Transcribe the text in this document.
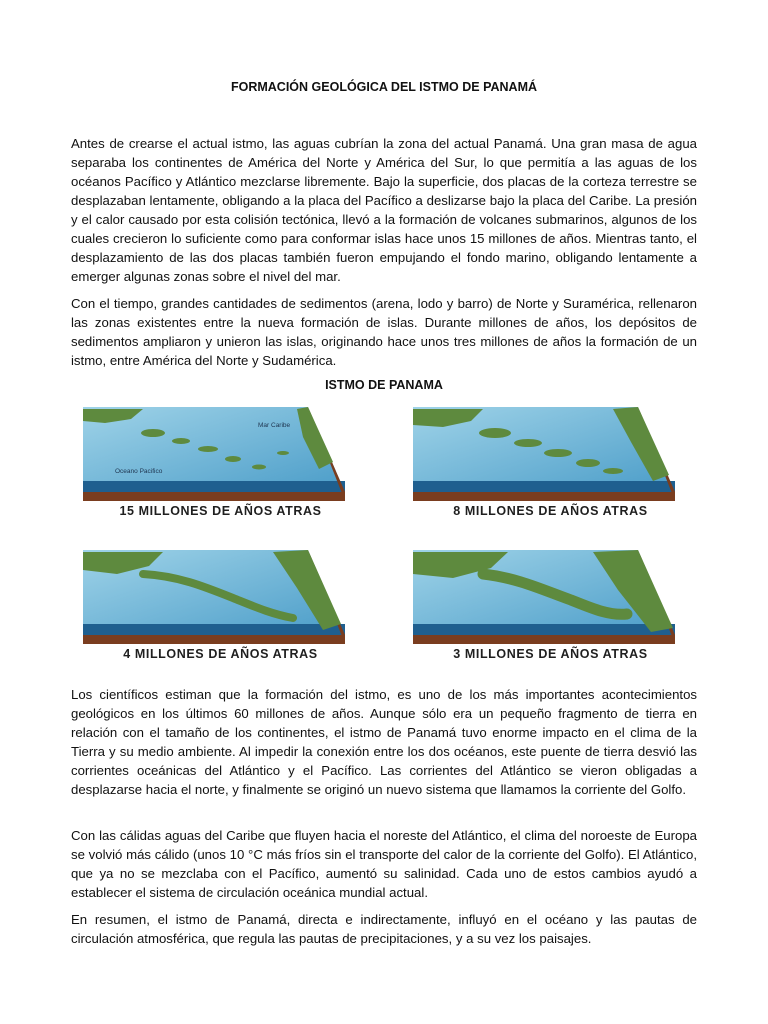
FORMACIÓN GEOLÓGICA DEL ISTMO DE PANAMÁ

Antes de crearse el actual istmo, las aguas cubrían la zona del actual Panamá. Una gran masa de agua separaba los continentes de América del Norte y América del Sur, lo que permitía a las aguas de los océanos Pacífico y Atlántico mezclarse libremente. Bajo la superficie, dos placas de la corteza terrestre se desplazaban lentamente, obligando a la placa del Pacífico a deslizarse bajo la placa del Caribe. La presión y el calor causado por esta colisión tectónica, llevó a la formación de volcanes submarinos, algunos de los cuales crecieron lo suficiente como para conformar islas hace unos 15 millones de años. Mientras tanto, el desplazamiento de las dos placas también fueron empujando el fondo marino, obligando lentamente a emerger algunas zonas sobre el nivel del mar.

Con el tiempo, grandes cantidades de sedimentos (arena, lodo y barro) de Norte y Suramérica, rellenaron las zonas existentes entre la nueva formación de islas. Durante millones de años, los depósitos de sedimentos ampliaron y unieron las islas, originando hace unos tres millones de años la formación de un istmo, entre América del Norte y Sudamérica.

ISTMO DE PANAMA
Mar Caribe
Oceano Pacifico
15 MILLONES DE AÑOS ATRAS	8 MILLONES DE AÑOS ATRAS
4 MILLONES DE AÑOS ATRAS	3 MILLONES DE AÑOS ATRAS

Los científicos estiman que la formación del istmo, es uno de los más importantes acontecimientos geológicos en los últimos 60 millones de años. Aunque sólo era un pequeño fragmento de tierra en relación con el tamaño de los continentes, el istmo de Panamá tuvo enorme impacto en el clima de la Tierra y su medio ambiente. Al impedir la conexión entre los dos océanos, este puente de tierra desvió las corrientes oceánicas del Atlántico y el Pacífico. Las corrientes del Atlántico se vieron obligadas a desplazarse hacia el norte, y finalmente se originó un nuevo sistema que llamamos la corriente del Golfo.

Con las cálidas aguas del Caribe que fluyen hacia el noreste del Atlántico, el clima del noroeste de Europa se volvió más cálido (unos 10 °C más fríos sin el transporte del calor de la corriente del Golfo). El Atlántico, que ya no se mezclaba con el Pacífico, aumentó su salinidad. Cada uno de estos cambios ayudó a establecer el sistema de circulación oceánica mundial actual.

En resumen, el istmo de Panamá, directa e indirectamente, influyó en el océano y las pautas de circulación atmosférica, que regula las pautas de precipitaciones, y a su vez los paisajes.
